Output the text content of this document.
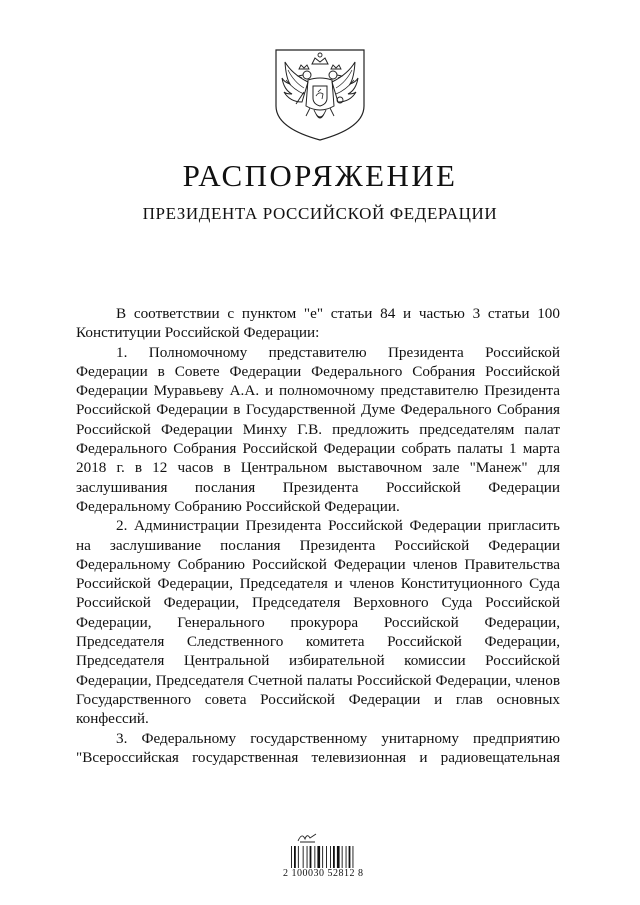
РАСПОРЯЖЕНИЕ
ПРЕЗИДЕНТА РОССИЙСКОЙ ФЕДЕРАЦИИ

В соответствии с пунктом "е" статьи 84 и частью 3 статьи 100 Конституции Российской Федерации:

1. Полномочному представителю Президента Российской Федерации в Совете Федерации Федерального Собрания Российской Федерации Муравьеву А.А. и полномочному представителю Президента Российской Федерации в Государственной Думе Федерального Собрания Российской Федерации Минху Г.В. предложить председателям палат Федерального Собрания Российской Федерации собрать палаты 1 марта 2018 г. в 12 часов в Центральном выставочном зале "Манеж" для заслушивания послания Президента Российской Федерации Федеральному Собранию Российской Федерации.

2. Администрации Президента Российской Федерации пригласить на заслушивание послания Президента Российской Федерации Федеральному Собранию Российской Федерации членов Правительства Российской Федерации, Председателя и членов Конституционного Суда Российской Федерации, Председателя Верховного Суда Российской Федерации, Генерального прокурора Российской Федерации, Председателя Следственного комитета Российской Федерации, Председателя Центральной избирательной комиссии Российской Федерации, Председателя Счетной палаты Российской Федерации, членов Государственного совета Российской Федерации и глав основных конфессий.

3. Федеральному государственному унитарному предприятию "Всероссийская государственная телевизионная и радиовещательная

2 100030 52812 8
